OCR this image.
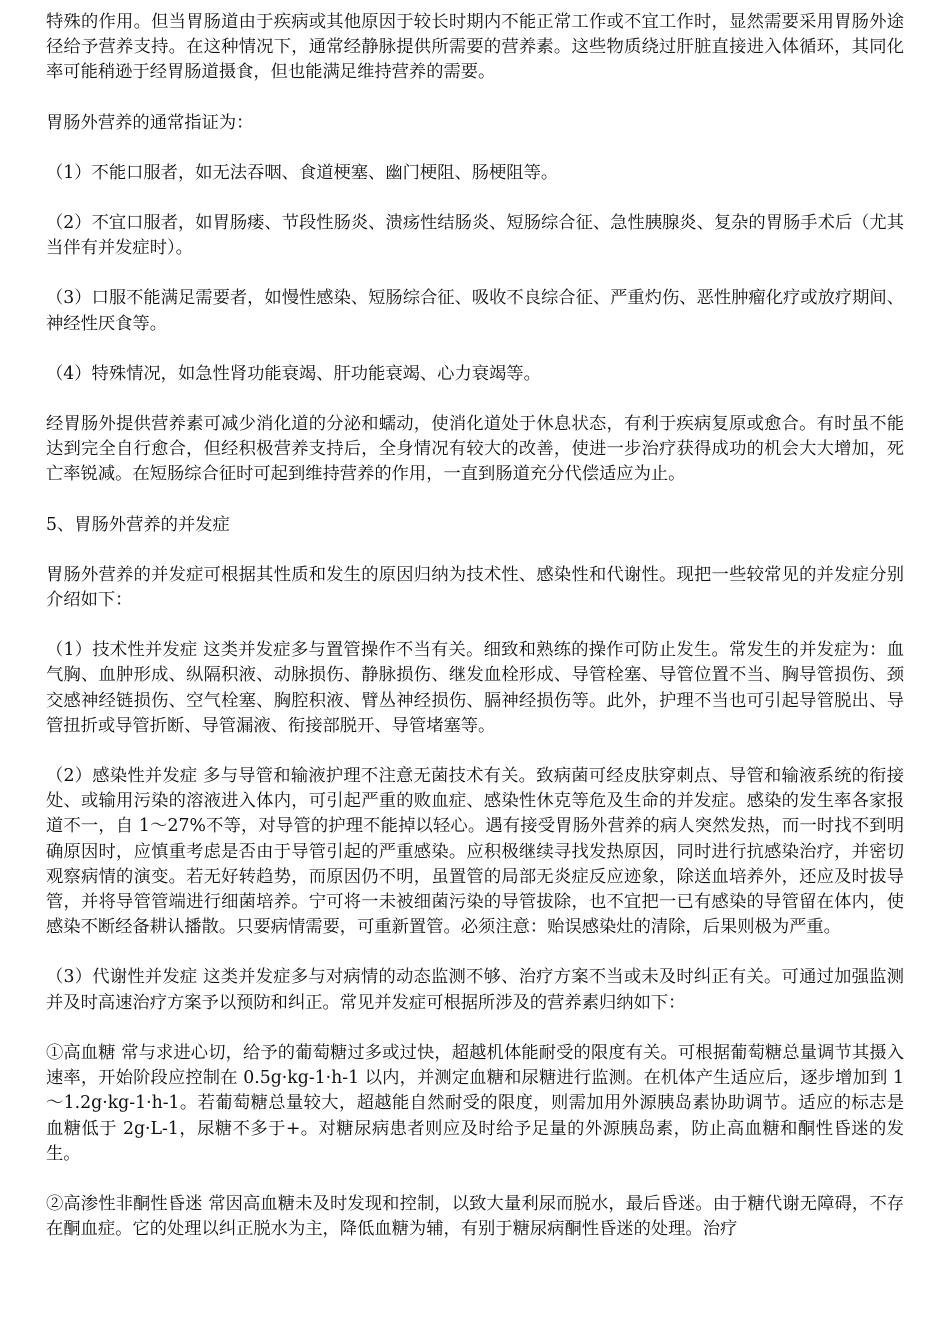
特殊的作用。但当胃肠道由于疾病或其他原因于较长时期内不能正常工作或不宜工作时，显然需要采用胃肠外途径给予营养支持。在这种情况下，通常经静脉提供所需要的营养素。这些物质绕过肝脏直接进入体循环，其同化率可能稍逊于经胃肠道摄食，但也能满足维持营养的需要。

胃肠外营养的通常指证为：

（1）不能口服者，如无法吞咽、食道梗塞、幽门梗阻、肠梗阻等。

（2）不宜口服者，如胃肠瘘、节段性肠炎、溃疡性结肠炎、短肠综合征、急性胰腺炎、复杂的胃肠手术后（尤其当伴有并发症时）。

（3）口服不能满足需要者，如慢性感染、短肠综合征、吸收不良综合征、严重灼伤、恶性肿瘤化疗或放疗期间、神经性厌食等。

（4）特殊情况，如急性肾功能衰竭、肝功能衰竭、心力衰竭等。

经胃肠外提供营养素可减少消化道的分泌和蠕动，使消化道处于休息状态，有利于疾病复原或愈合。有时虽不能达到完全自行愈合，但经积极营养支持后，全身情况有较大的改善，使进一步治疗获得成功的机会大大增加，死亡率锐减。在短肠综合征时可起到维持营养的作用，一直到肠道充分代偿适应为止。

5、胃肠外营养的并发症

胃肠外营养的并发症可根据其性质和发生的原因归纳为技术性、感染性和代谢性。现把一些较常见的并发症分别介绍如下：

（1）技术性并发症 这类并发症多与置管操作不当有关。细致和熟练的操作可防止发生。常发生的并发症为：血气胸、血肿形成、纵隔积液、动脉损伤、静脉损伤、继发血栓形成、导管栓塞、导管位置不当、胸导管损伤、颈交感神经链损伤、空气栓塞、胸腔积液、臂丛神经损伤、膈神经损伤等。此外，护理不当也可引起导管脱出、导管扭折或导管折断、导管漏液、衔接部脱开、导管堵塞等。

（2）感染性并发症 多与导管和输液护理不注意无菌技术有关。致病菌可经皮肤穿刺点、导管和输液系统的衔接处、或输用污染的溶液进入体内，可引起严重的败血症、感染性休克等危及生命的并发症。感染的发生率各家报道不一，自 1～27%不等，对导管的护理不能掉以轻心。遇有接受胃肠外营养的病人突然发热，而一时找不到明确原因时，应慎重考虑是否由于导管引起的严重感染。应积极继续寻找发热原因，同时进行抗感染治疗，并密切观察病情的演变。若无好转趋势，而原因仍不明，虽置管的局部无炎症反应迹象，除送血培养外，还应及时拔导管，并将导管管端进行细菌培养。宁可将一未被细菌污染的导管拔除，也不宜把一已有感染的导管留在体内，使感染不断经备耕认播散。只要病情需要，可重新置管。必须注意：贻误感染灶的清除，后果则极为严重。

（3）代谢性并发症 这类并发症多与对病情的动态监测不够、治疗方案不当或未及时纠正有关。可通过加强监测并及时高速治疗方案予以预防和纠正。常见并发症可根据所涉及的营养素归纳如下：

①高血糖 常与求进心切，给予的葡萄糖过多或过快，超越机体能耐受的限度有关。可根据葡萄糖总量调节其摄入速率，开始阶段应控制在 0.5g·kg-1·h-1 以内，并测定血糖和尿糖进行监测。在机体产生适应后，逐步增加到 1～1.2g·kg-1·h-1。若葡萄糖总量较大，超越能自然耐受的限度，则需加用外源胰岛素协助调节。适应的标志是血糖低于 2g·L-1，尿糖不多于+。对糖尿病患者则应及时给予足量的外源胰岛素，防止高血糖和酮性昏迷的发生。

②高渗性非酮性昏迷 常因高血糖未及时发现和控制，以致大量利尿而脱水，最后昏迷。由于糖代谢无障碍，不存在酮血症。它的处理以纠正脱水为主，降低血糖为辅，有别于糖尿病酮性昏迷的处理。治疗
